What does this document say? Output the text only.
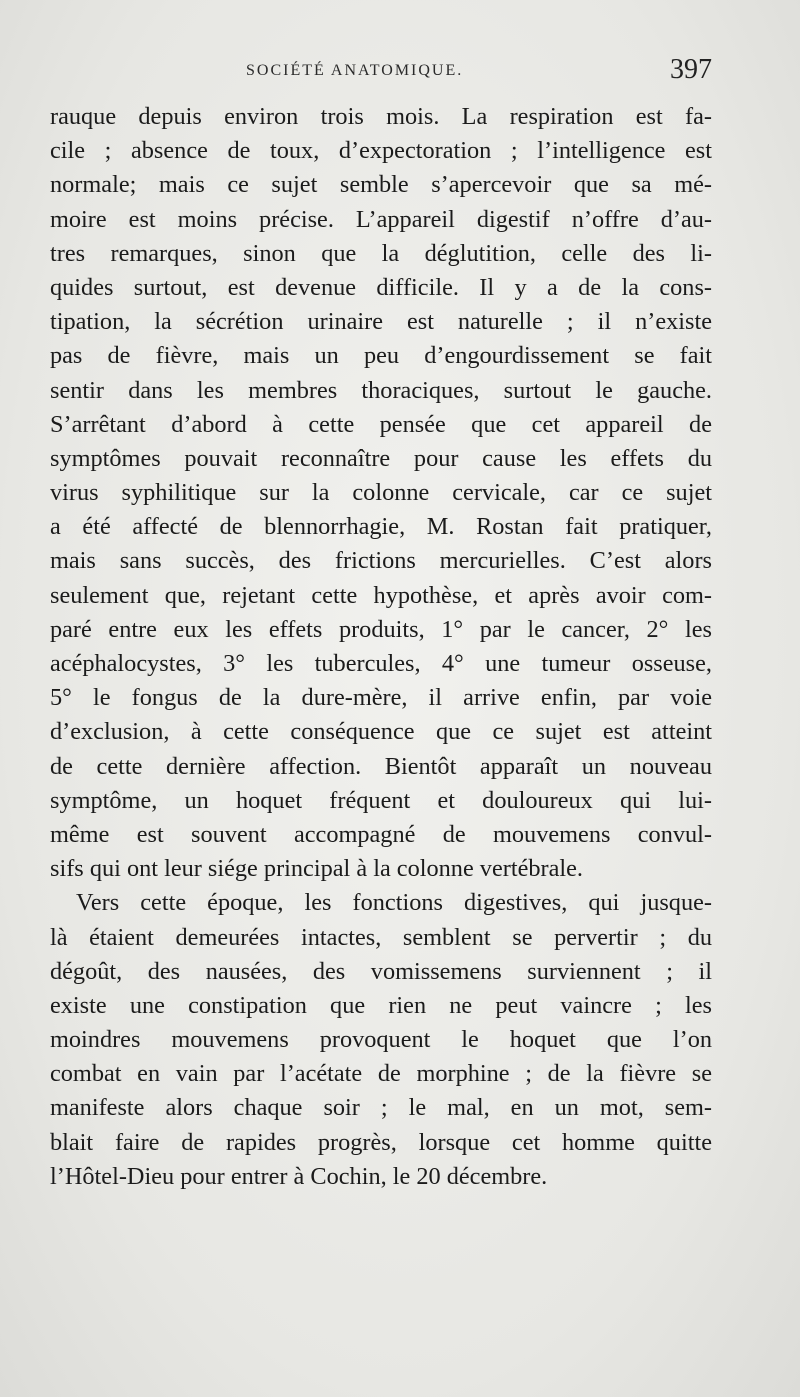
SOCIÉTÉ ANATOMIQUE.	397
rauque depuis environ trois mois. La respiration est fa-
cile ; absence de toux, d’expectoration ; l’intelligence est
normale; mais ce sujet semble s’apercevoir que sa mé-
moire est moins précise. L’appareil digestif n’offre d’au-
tres remarques, sinon que la déglutition, celle des li-
quides surtout, est devenue difficile. Il y a de la cons-
tipation, la sécrétion urinaire est naturelle ; il n’existe
pas de fièvre, mais un peu d’engourdissement se fait
sentir dans les membres thoraciques, surtout le gauche.
S’arrêtant d’abord à cette pensée que cet appareil de
symptômes pouvait reconnaître pour cause les effets du
virus syphilitique sur la colonne cervicale, car ce sujet
a été affecté de blennorrhagie, M. Rostan fait pratiquer,
mais sans succès, des frictions mercurielles. C’est alors
seulement que, rejetant cette hypothèse, et après avoir com-
paré entre eux les effets produits, 1° par le cancer, 2° les
acéphalocystes, 3° les tubercules, 4° une tumeur osseuse,
5° le fongus de la dure-mère, il arrive enfin, par voie
d’exclusion, à cette conséquence que ce sujet est atteint
de cette dernière affection. Bientôt apparaît un nouveau
symptôme, un hoquet fréquent et douloureux qui lui-
même est souvent accompagné de mouvemens convul-
sifs qui ont leur siége principal à la colonne vertébrale.
Vers cette époque, les fonctions digestives, qui jusque-
là étaient demeurées intactes, semblent se pervertir ; du
dégoût, des nausées, des vomissemens surviennent ; il
existe une constipation que rien ne peut vaincre ; les
moindres mouvemens provoquent le hoquet que l’on
combat en vain par l’acétate de morphine ; de la fièvre se
manifeste alors chaque soir ; le mal, en un mot, sem-
blait faire de rapides progrès, lorsque cet homme quitte
l’Hôtel-Dieu pour entrer à Cochin, le 20 décembre.
